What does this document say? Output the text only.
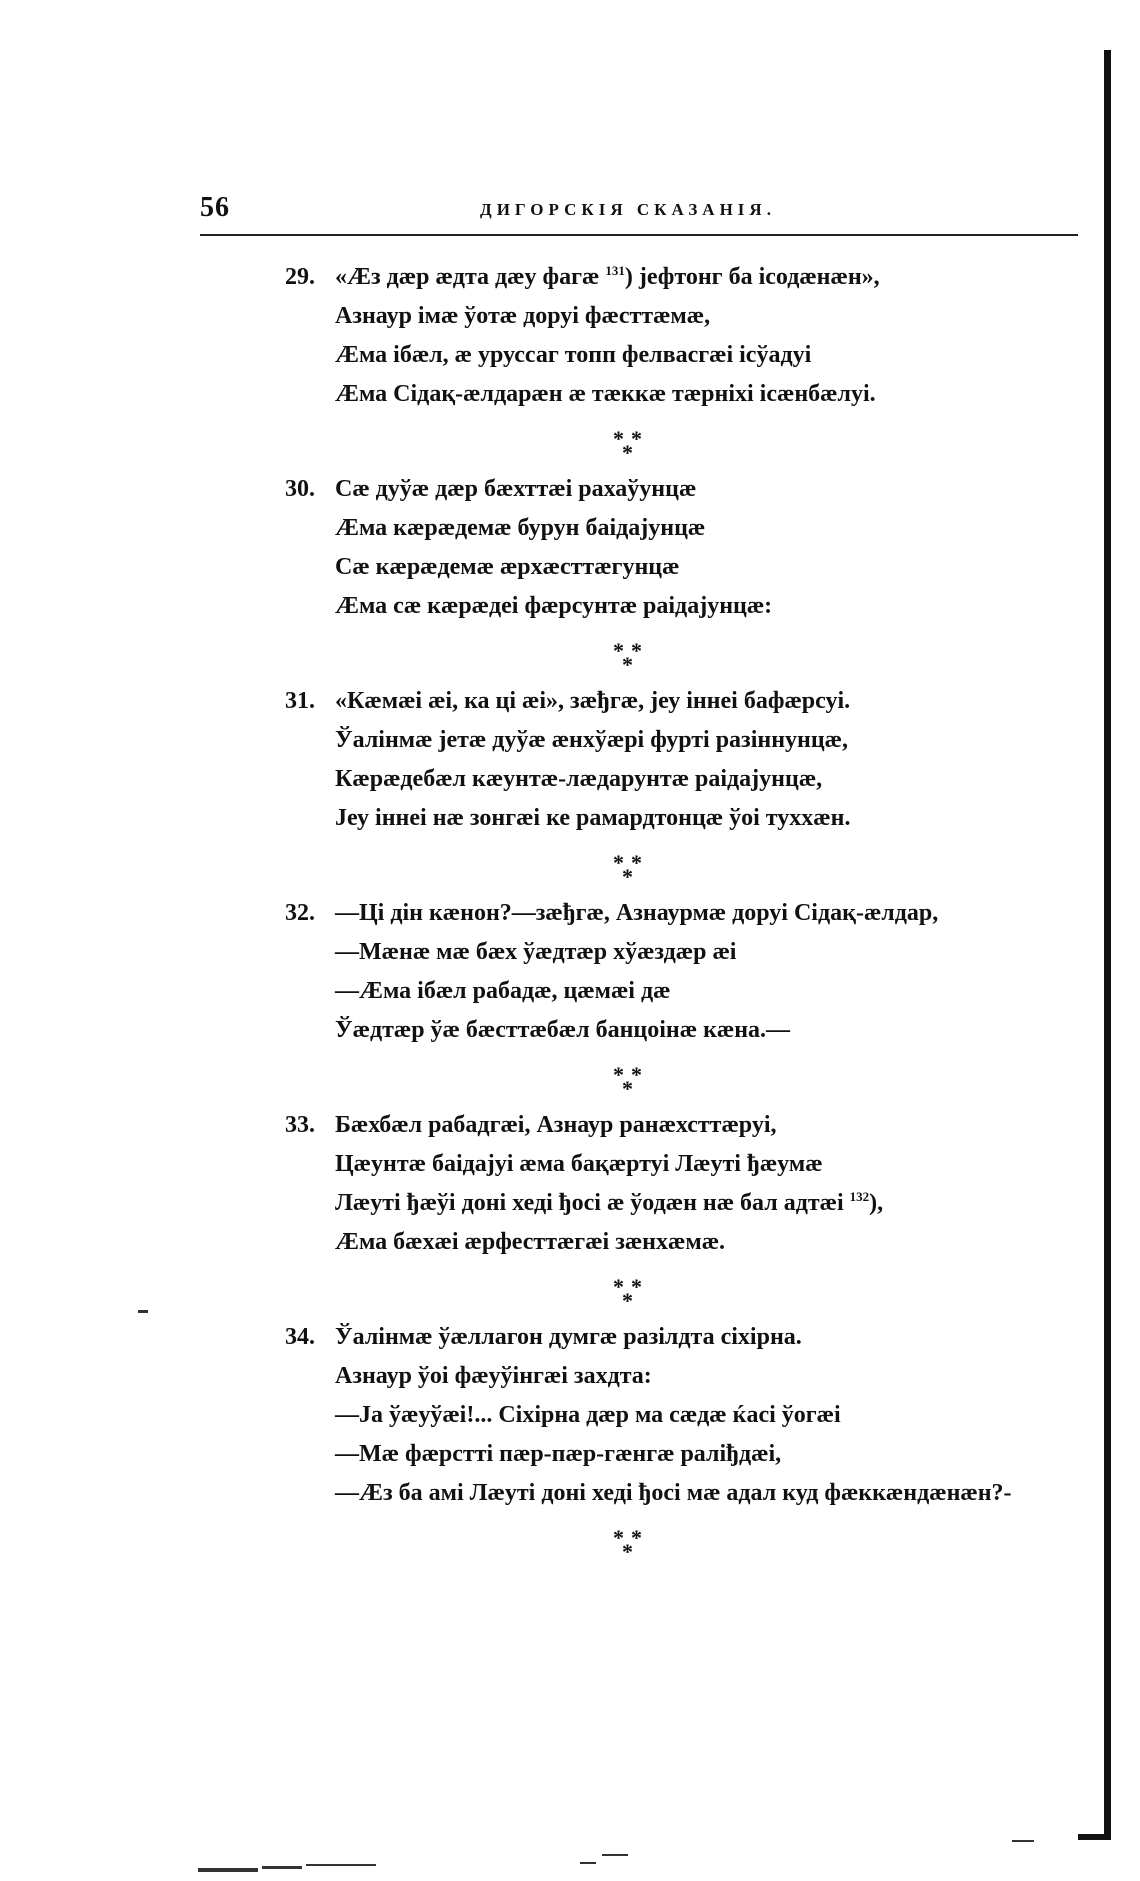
56	ДИГОРСКІЯ СКАЗАНІЯ.
29. «Ӕз дӕр ӕдта дӕу фагӕ $^{131}$) јефтонг ба ісодӕнӕн»,
Азнаур імӕ ўотӕ доруі фӕсттӕмӕ,
Ӕма ібӕл, ӕ уруссаг топп фелвасгӕі ісўадуі
Ӕма Сідақ-ӕлдарӕн ӕ тӕккӕ тӕрніхі ісӕнбӕлуі.
* *
*
30. Сӕ дуўӕ дӕр бӕхттӕі рахаўунцӕ
Ӕма кӕрӕдемӕ бурун баідајунцӕ
Сӕ кӕрӕдемӕ ӕрхӕсттӕгунцӕ
Ӕма сӕ кӕрӕдеі фӕрсунтӕ раідајунцӕ:
* *
*
31. «Кӕмӕі ӕі, ка ці ӕі», зӕђгӕ, јеу іннеі бафӕрсуі.
Ўалінмӕ јетӕ дуўӕ ӕнхўӕрі фурті разіннунцӕ,
Кӕрӕдебӕл кӕунтӕ-лӕдарунтӕ раідајунцӕ,
Јеу іннеі нӕ зонгӕі ке рамардтонцӕ ўоі туххӕн.
* *
*
32. —Ці дін кӕнон?—зӕђгӕ, Азнаурмӕ доруі Сідақ-ӕлдар,
—Мӕнӕ мӕ бӕх ўӕдтӕр хўӕздӕр ӕі
—Ӕма ібӕл рабадӕ, цӕмӕі дӕ
Ўӕдтӕр ўӕ бӕсттӕбӕл банцоінӕ кӕна.—
* *
*
33. Бӕхбӕл рабадгӕі, Азнаур ранӕхсттӕруі,
Цӕунтӕ баідајуі ӕма бақӕртуі Лӕуті ђӕумӕ
Лӕуті ђӕўі доні хеді ђосі ӕ ўодӕн нӕ бал адтӕі $^{132}$),
Ӕма бӕхӕі ӕрфесттӕгӕі зӕнхӕмӕ.
* *
*
34. Ўалінмӕ ўӕллагон думгӕ разілдта сіхірна.
Азнаур ўоі фӕуўінгӕі захдта:
—Ја ўӕуўӕі!... Сіхірна дӕр ма сӕдӕ ќасі ўогӕі
—Мӕ фӕрстті пӕр-пӕр-гӕнгӕ раліђдӕі,
—Ӕз ба амі Лӕуті доні хеді ђосі мӕ адал куд фӕккӕндӕнӕн?-
* *
*
